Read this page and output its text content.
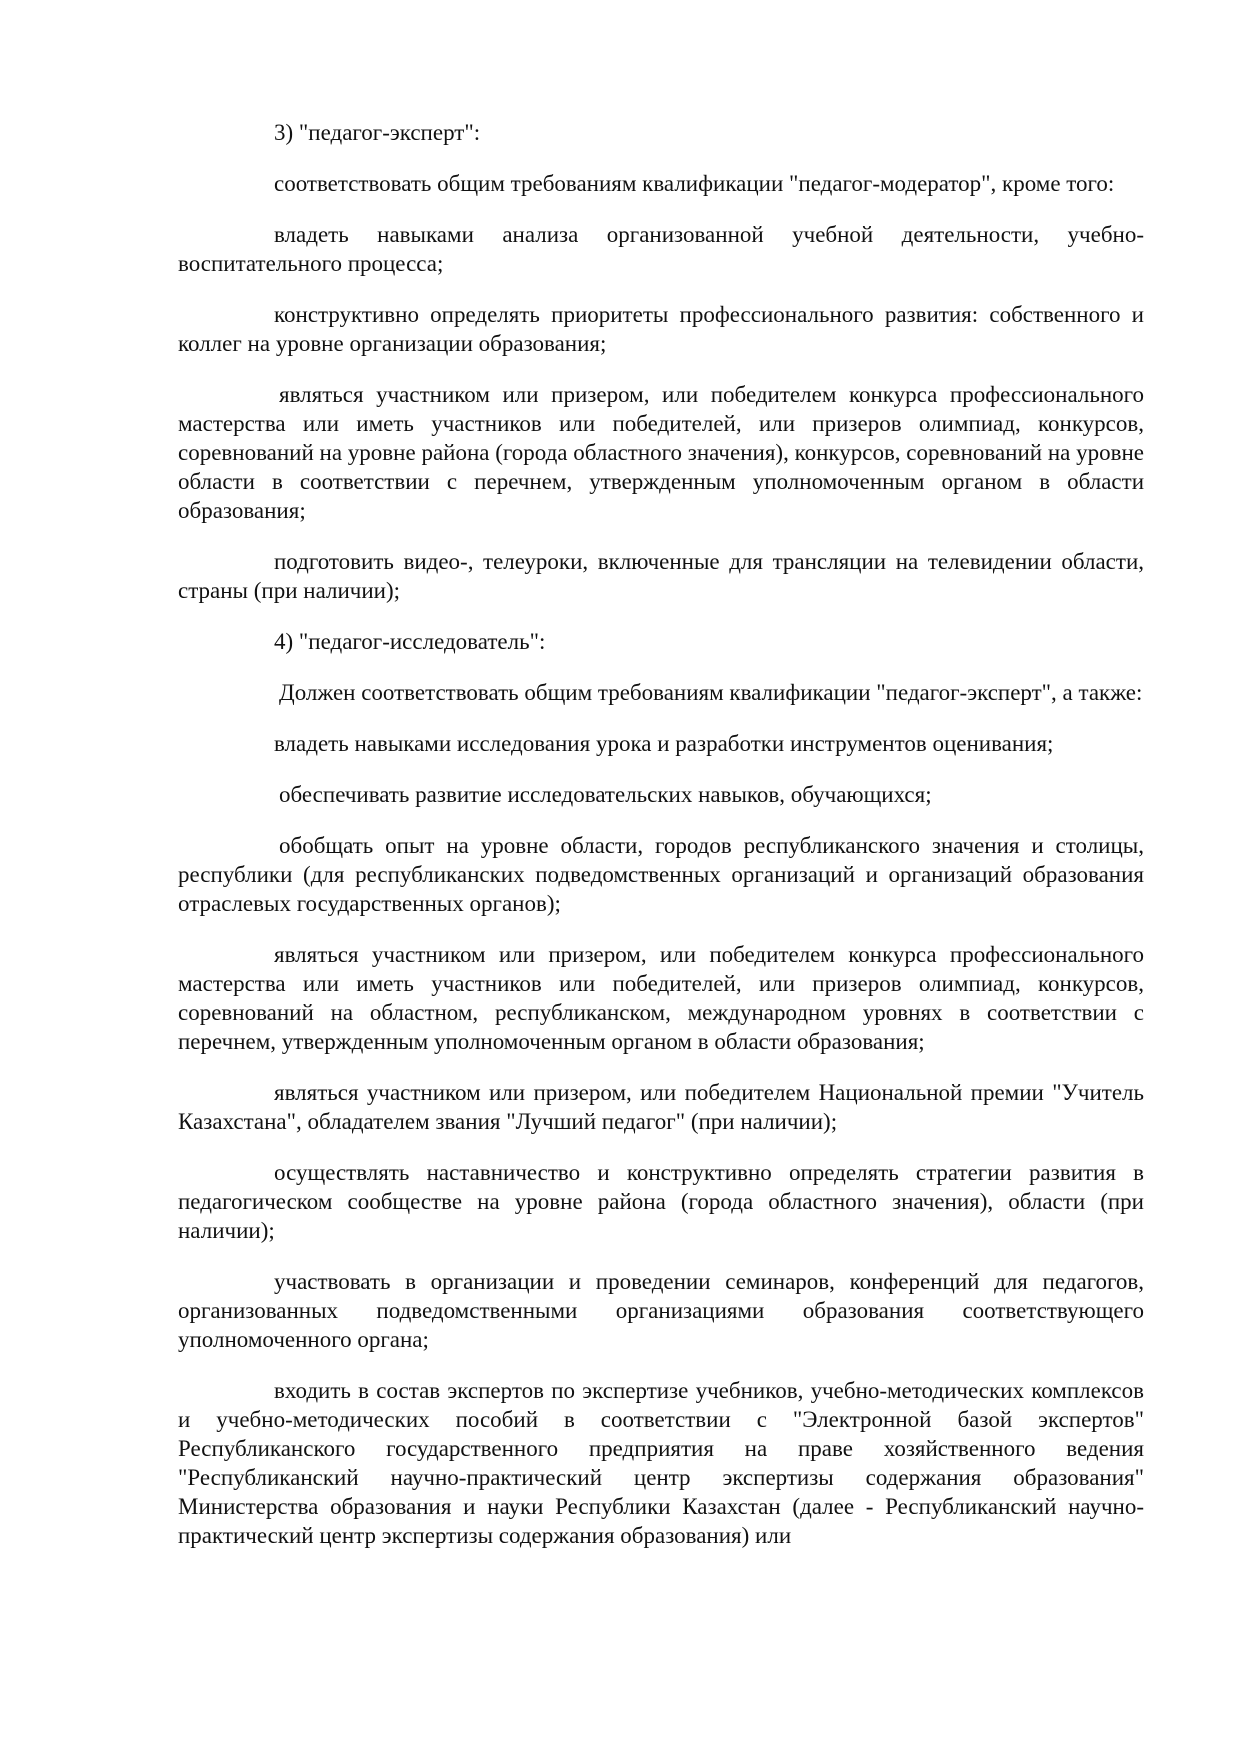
3) "педагог-эксперт":

соответствовать общим требованиям квалификации "педагог-модератор", кроме того:

владеть навыками анализа организованной учебной деятельности, учебно-воспитательного процесса;

конструктивно определять приоритеты профессионального развития: собственного и коллег на уровне организации образования;

являться участником или призером, или победителем конкурса профессионального мастерства или иметь участников или победителей, или призеров олимпиад, конкурсов, соревнований на уровне района (города областного значения), конкурсов, соревнований на уровне области в соответствии с перечнем, утвержденным уполномоченным органом в области образования;

подготовить видео-, телеуроки, включенные для трансляции на телевидении области, страны (при наличии);

4) "педагог-исследователь":

Должен соответствовать общим требованиям квалификации "педагог-эксперт", а также:

владеть навыками исследования урока и разработки инструментов оценивания;

обеспечивать развитие исследовательских навыков, обучающихся;

обобщать опыт на уровне области, городов республиканского значения и столицы, республики (для республиканских подведомственных организаций и организаций образования отраслевых государственных органов);

являться участником или призером, или победителем конкурса профессионального мастерства или иметь участников или победителей, или призеров олимпиад, конкурсов, соревнований на областном, республиканском, международном уровнях в соответствии с перечнем, утвержденным уполномоченным органом в области образования;

являться участником или призером, или победителем Национальной премии "Учитель Казахстана", обладателем звания "Лучший педагог" (при наличии);

осуществлять наставничество и конструктивно определять стратегии развития в педагогическом сообществе на уровне района (города областного значения), области (при наличии);

участвовать в организации и проведении семинаров, конференций для педагогов, организованных подведомственными организациями образования соответствующего уполномоченного органа;

входить в состав экспертов по экспертизе учебников, учебно-методических комплексов и учебно-методических пособий в соответствии с "Электронной базой экспертов" Республиканского государственного предприятия на праве хозяйственного ведения "Республиканский научно-практический центр экспертизы содержания образования" Министерства образования и науки Республики Казахстан (далее - Республиканский научно-практический центр экспертизы содержания образования) или
